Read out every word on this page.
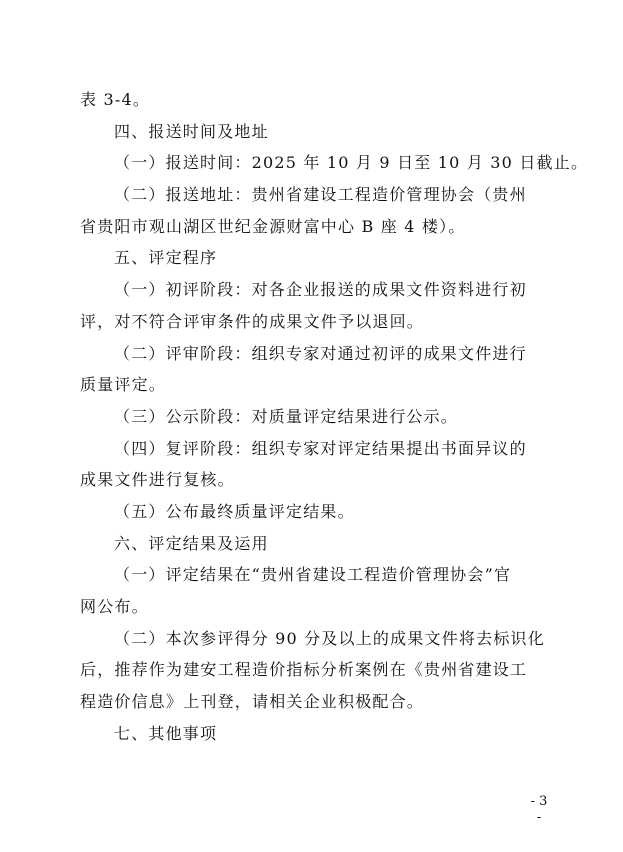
表 3-4。
四、报送时间及地址
（一）报送时间：2025 年 10 月 9 日至 10 月 30 日截止。
（二）报送地址：贵州省建设工程造价管理协会（贵州
省贵阳市观山湖区世纪金源财富中心 B 座 4 楼）。
五、评定程序
（一）初评阶段：对各企业报送的成果文件资料进行初
评，对不符合评审条件的成果文件予以退回。
（二）评审阶段：组织专家对通过初评的成果文件进行
质量评定。
（三）公示阶段：对质量评定结果进行公示。
（四）复评阶段：组织专家对评定结果提出书面异议的
成果文件进行复核。
（五）公布最终质量评定结果。
六、评定结果及运用
（一）评定结果在“贵州省建设工程造价管理协会”官
网公布。
（二）本次参评得分 90 分及以上的成果文件将去标识化
后，推荐作为建安工程造价指标分析案例在《贵州省建设工
程造价信息》上刊登，请相关企业积极配合。
七、其他事项
- 3 -
